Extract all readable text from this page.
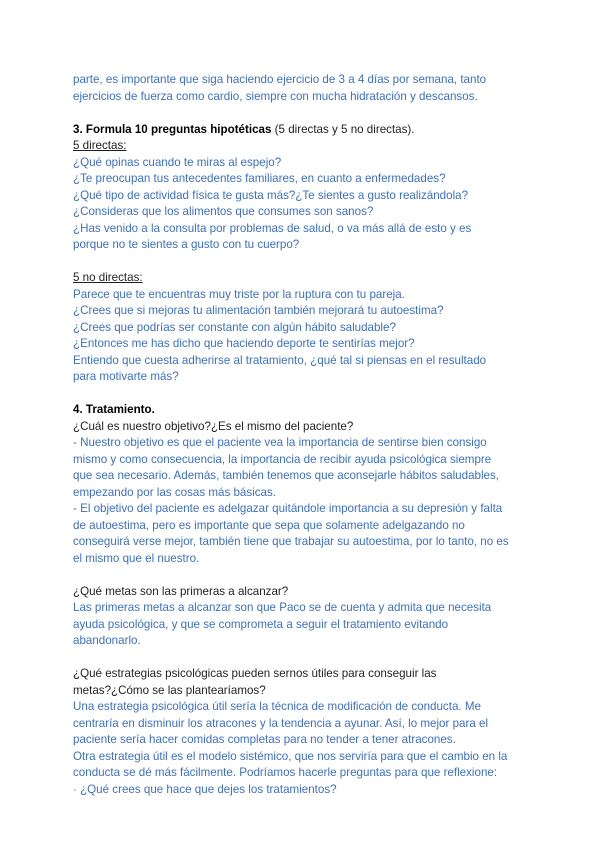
parte, es importante que siga haciendo ejercicio de 3 a 4 días por semana, tanto

ejercicios de fuerza como cardio, siempre con mucha hidratación y descansos.

3. Formula 10 preguntas hipotéticas (5 directas y 5 no directas).

5 directas:

¿Qué opinas cuando te miras al espejo?

¿Te preocupan tus antecedentes familiares, en cuanto a enfermedades?

¿Qué tipo de actividad física te gusta más?¿Te sientes a gusto realizándola?

¿Consideras que los alimentos que consumes son sanos?

¿Has venido a la consulta por problemas de salud, o va más allá de esto y es

porque no te sientes a gusto con tu cuerpo?

5 no directas:

Parece que te encuentras muy triste por la ruptura con tu pareja.

¿Crees que si mejoras tu alimentación también mejorará tu autoestima?

¿Crees que podrías ser constante con algún hábito saludable?

¿Entonces me has dicho que haciendo deporte te sentirías mejor?

Entiendo que cuesta adherirse al tratamiento, ¿qué tal si piensas en el resultado

para motivarte más?

4. Tratamiento.

¿Cuál es nuestro objetivo?¿Es el mismo del paciente?

- Nuestro objetivo es que el paciente vea la importancia de sentirse bien consigo

mismo y como consecuencia, la importancia de recibir ayuda psicológica siempre

que sea necesario. Además, también tenemos que aconsejarle hábitos saludables,

empezando por las cosas más básicas.

- El objetivo del paciente es adelgazar quitándole importancia a su depresión y falta

de autoestima, pero es importante que sepa que solamente adelgazando no

conseguirá verse mejor, también tiene que trabajar su autoestima, por lo tanto, no es

el mismo que el nuestro.

¿Qué metas son las primeras a alcanzar?

Las primeras metas a alcanzar son que Paco se de cuenta y admita que necesita

ayuda psicológica, y que se comprometa a seguir el tratamiento evitando

abandonarlo.

¿Qué estrategias psicológicas pueden sernos útiles para conseguir las

metas?¿Cómo se las plantearíamos?

Una estrategia psicológica útil sería la técnica de modificación de conducta. Me

centraría en disminuir los atracones y la tendencia a ayunar. Así, lo mejor para el

paciente sería hacer comidas completas para no tender a tener atracones.

Otra estrategia útil es el modelo sistémico, que nos serviría para que el cambio en la

conducta se dé más fácilmente. Podríamos hacerle preguntas para que reflexione:

· ¿Qué crees que hace que dejes los tratamientos?
